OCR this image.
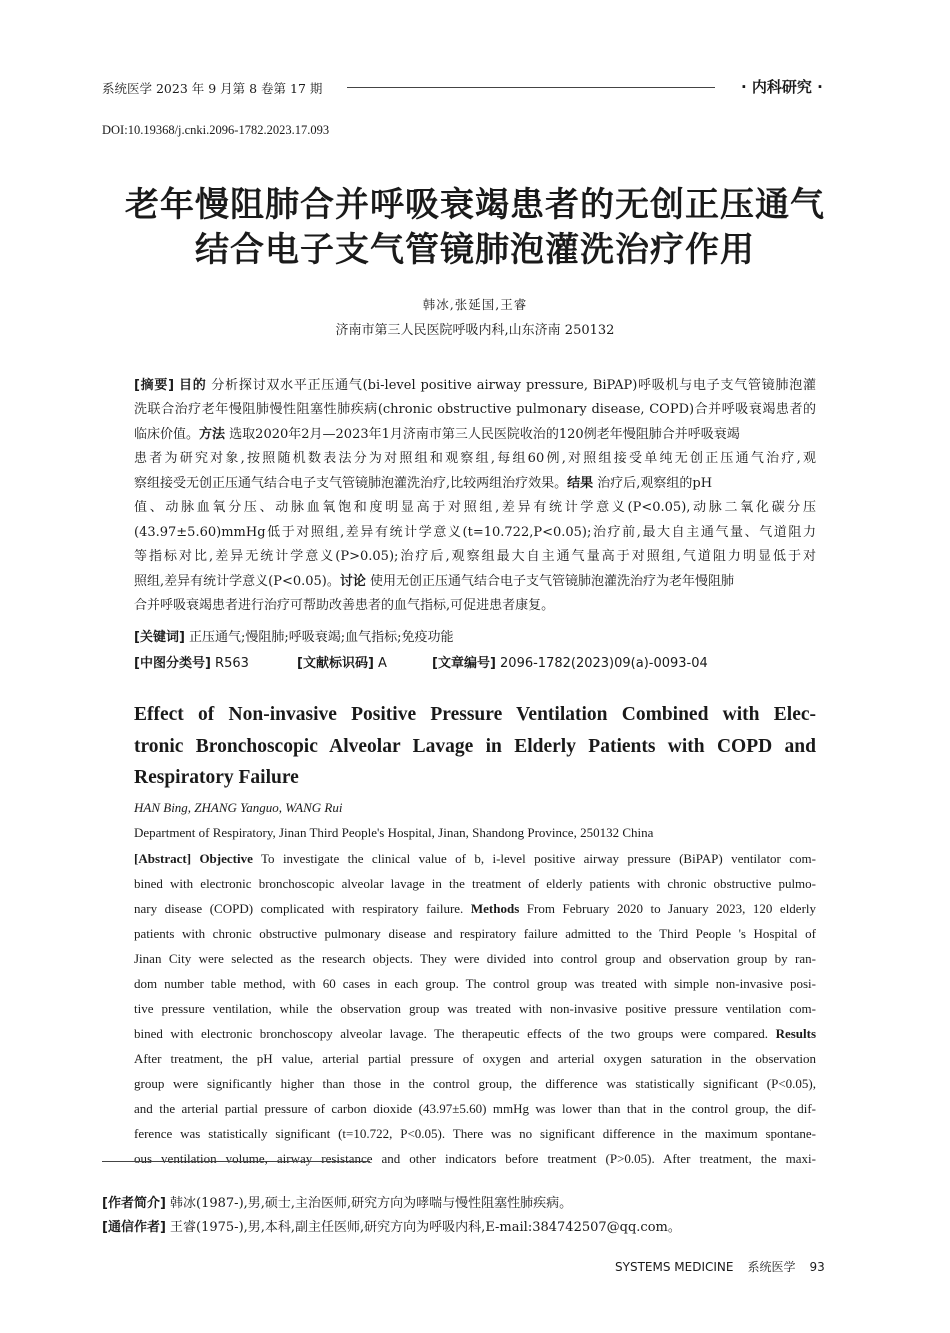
系统医学 2023 年 9 月第 8 卷第 17 期	· 内科研究 ·
DOI:10.19368/j.cnki.2096-1782.2023.17.093
老年慢阻肺合并呼吸衰竭患者的无创正压通气
结合电子支气管镜肺泡灌洗治疗作用
韩冰,张延国,王睿
济南市第三人民医院呼吸内科,山东济南 250132
[摘要] 目的 分析探讨双水平正压通气(bi-level positive airway pressure, BiPAP)呼吸机与电子支气管镜肺泡灌
洗联合治疗老年慢阻肺慢性阻塞性肺疾病(chronic obstructive pulmonary disease, COPD)合并呼吸衰竭患者的
临床价值。方法 选取2020年2月—2023年1月济南市第三人民医院收治的120例老年慢阻肺合并呼吸衰竭
患者为研究对象,按照随机数表法分为对照组和观察组,每组60例,对照组接受单纯无创正压通气治疗,观
察组接受无创正压通气结合电子支气管镜肺泡灌洗治疗,比较两组治疗效果。结果 治疗后,观察组的pH
值、动脉血氧分压、动脉血氧饱和度明显高于对照组,差异有统计学意义(P<0.05),动脉二氧化碳分压
(43.97±5.60)mmHg低于对照组,差异有统计学意义(t=10.722,P<0.05);治疗前,最大自主通气量、气道阻力
等指标对比,差异无统计学意义(P>0.05);治疗后,观察组最大自主通气量高于对照组,气道阻力明显低于对
照组,差异有统计学意义(P<0.05)。讨论 使用无创正压通气结合电子支气管镜肺泡灌洗治疗为老年慢阻肺
合并呼吸衰竭患者进行治疗可帮助改善患者的血气指标,可促进患者康复。
[关键词] 正压通气;慢阻肺;呼吸衰竭;血气指标;免疫功能
[中图分类号] R563	[文献标识码] A	[文章编号] 2096-1782(2023)09(a)-0093-04
Effect of Non-invasive Positive Pressure Ventilation Combined with Elec-
tronic Bronchoscopic Alveolar Lavage in Elderly Patients with COPD and
Respiratory Failure
HAN Bing, ZHANG Yanguo, WANG Rui
Department of Respiratory, Jinan Third People's Hospital, Jinan, Shandong Province, 250132 China
[Abstract] Objective To investigate the clinical value of b, i-level positive airway pressure (BiPAP) ventilator com-
bined with electronic bronchoscopic alveolar lavage in the treatment of elderly patients with chronic obstructive pulmo-
nary disease (COPD) complicated with respiratory failure. Methods From February 2020 to January 2023, 120 elderly
patients with chronic obstructive pulmonary disease and respiratory failure admitted to the Third People 's Hospital of
Jinan City were selected as the research objects. They were divided into control group and observation group by ran-
dom number table method, with 60 cases in each group. The control group was treated with simple non-invasive posi-
tive pressure ventilation, while the observation group was treated with non-invasive positive pressure ventilation com-
bined with electronic bronchoscopy alveolar lavage. The therapeutic effects of the two groups were compared. Results
After treatment, the pH value, arterial partial pressure of oxygen and arterial oxygen saturation in the observation
group were significantly higher than those in the control group, the difference was statistically significant (P<0.05),
and the arterial partial pressure of carbon dioxide (43.97±5.60) mmHg was lower than that in the control group, the dif-
ference was statistically significant (t=10.722, P<0.05). There was no significant difference in the maximum spontane-
ous ventilation volume, airway resistance and other indicators before treatment (P>0.05). After treatment, the maxi-
[作者简介] 韩冰(1987-),男,硕士,主治医师,研究方向为哮喘与慢性阻塞性肺疾病。
[通信作者] 王睿(1975-),男,本科,副主任医师,研究方向为呼吸内科,E-mail:384742507@qq.com。
SYSTEMS MEDICINE 系统医学 93
